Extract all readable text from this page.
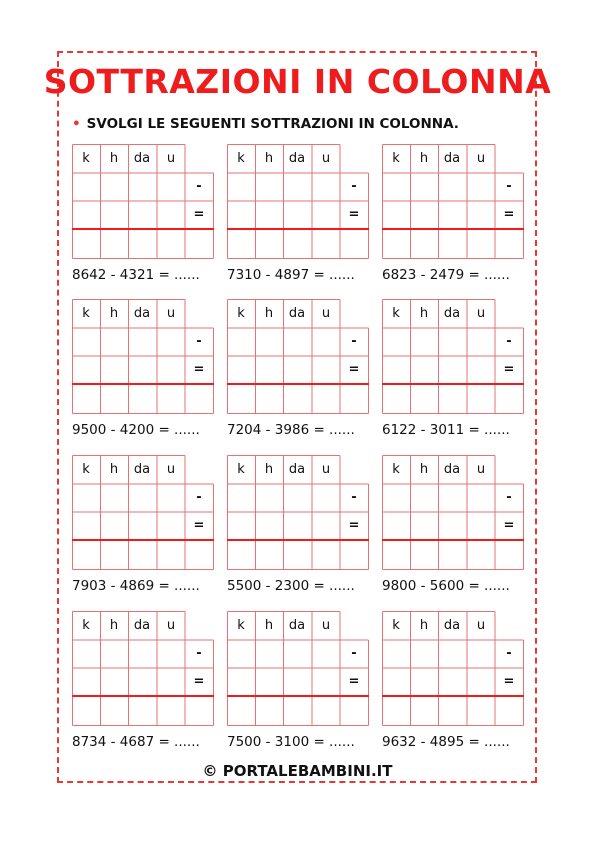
SOTTRAZIONI IN COLONNA
• SVOLGI LE SEGUENTI SOTTRAZIONI IN COLONNA.
k	h	da	u
-
=
8642 - 4321 = ......
k	h	da	u
-
=
7310 - 4897 = ......
k	h	da	u
-
=
6823 - 2479 = ......
k	h	da	u
-
=
9500 - 4200 = ......
k	h	da	u
-
=
7204 - 3986 = ......
k	h	da	u
-
=
6122 - 3011 = ......
k	h	da	u
-
=
7903 - 4869 = ......
k	h	da	u
-
=
5500 - 2300 = ......
k	h	da	u
-
=
9800 - 5600 = ......
k	h	da	u
-
=
8734 - 4687 = ......
k	h	da	u
-
=
7500 - 3100 = ......
k	h	da	u
-
=
9632 - 4895 = ......
© PORTALEBAMBINI.IT
